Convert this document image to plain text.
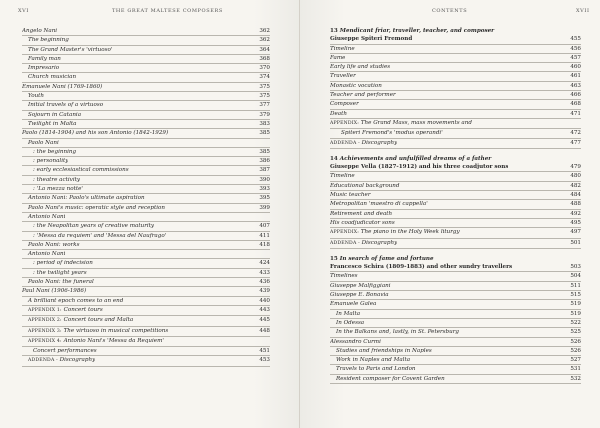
XVI	THE GREAT MALTESE COMPOSERS
Angelo Nani	362
The beginning	362
The Grand Master's 'virtuoso'	364
Family man	368
Impresario	370
Church musician	374
Emanuele Nani (1769-1860)	375
Youth	375
Initial travels of a virtuoso	377
Sojourn in Catania	379
Twilight in Malta	383
Paolo (1814-1904) and his son Antonio (1842-1929)	385
Paolo Nani
: the beginning	385
: personality	386
: early ecclesiastical commissions	387
: theatre activity	390
: 'La mezza notte'	393
Antonio Nani: Paolo's ultimate aspiration	395
Paolo Nani's music: operatic style and reception	399
Antonio Nani
: the Neapolitan years of creative maturity	407
: 'Messa da requiem' and 'Messa del Naufrago'	411
Paolo Nani: works	418
Antonio Nani
: period of indecision	424
: the twilight years	433
Paolo Nani: the funeral	436
Paul Nani (1906-1986)	439
A brilliant epoch comes to an end	440
APPENDIX 1: Concert tours	443
APPENDIX 2: Concert tours and Malta	445
APPENDIX 3: The virtuoso in musical competitions	448
APPENDIX 4: Antonio Nani's 'Messa da Requiem'
Concert performances	451
ADDENDA - Discography	453
CONTENTS	XVII
13 Mendicant friar, traveller, teacher, and composer
Giuseppe Spiteri Fremond	455
Timeline	456
Fame	457
Early life and studies	460
Traveller	461
Monastic vocation	463
Teacher and performer	466
Composer	468
Death	471
APPENDIX: The Grand Mass, mass movements and
Spiteri Fremond's 'modus operandi'	472
ADDENDA - Discography	477
14 Achievements and unfulfilled dreams of a father
Giuseppe Vella (1827-1912) and his three coadjutor sons	479
Timeline	480
Educational background	482
Music teacher	484
Metropolitan 'maestro di cappella'	488
Retirement and death	492
His coadjudicator sons	495
APPENDIX: The piano in the Holy Week liturgy	497
ADDENDA - Discography	501
15 In search of fame and fortune
Francesco Schira (1809-1883) and other sundry travellers	503
Timelines	504
Giuseppe Malfiggiani	511
Giuseppe E. Bonavia	515
Emanuele Galea	519
In Malta	519
In Odessa	522
In the Balkans and, lastly, in St. Petersburg	525
Alessandro Curmi	526
Studies and friendships in Naples	526
Work in Naples and Malta	527
Travels to Paris and London	531
Resident composer for Covent Garden	532
